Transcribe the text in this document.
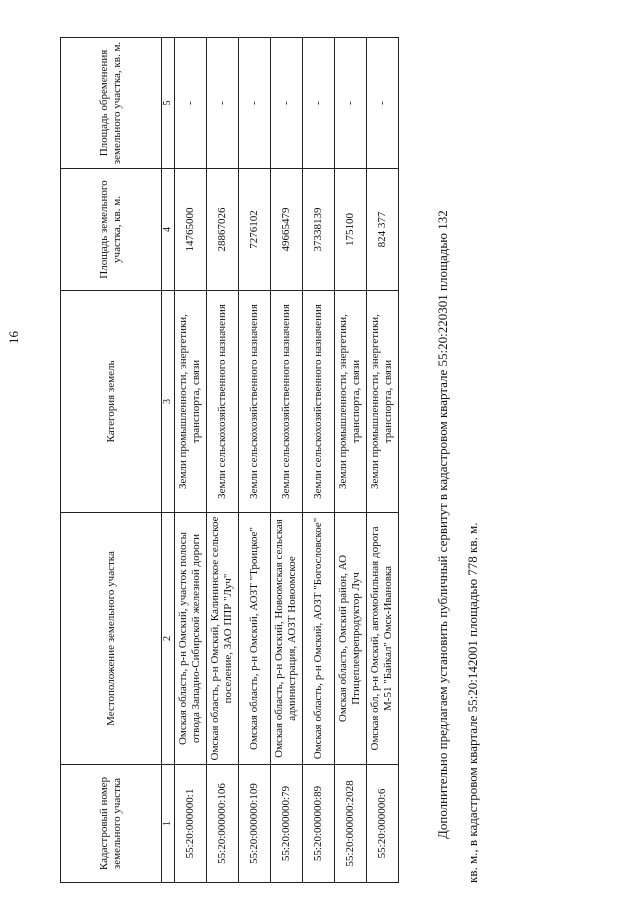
16
Кадастровый номер земельного участка	Местоположение земельного участка	Категория земель	Площадь земельного участка, кв. м.	Площадь обременения земельного участка, кв. м.
1	2	3	4	5
55:20:000000:1	Омская область, р-н Омский, участок полосы отвода Западно-Сибирской железной дороги	Земли промышленности, энергетики, транспорта, связи	14765000	-
55:20:000000:106	Омская область, р-н Омский, Калининское сельское поселение, ЗАО ППР "Луч"	Земли сельскохозяйственного назначения	28867026	-
55:20:000000:109	Омская область, р-н Омский, АОЗТ "Троицкое"	Земли сельскохозяйственного назначения	7276102	-
55:20:000000:79	Омская область, р-н Омский, Новоомская сельская администрация, АОЗТ Новоомское	Земли сельскохозяйственного назначения	49665479	-
55:20:000000:89	Омская область, р-н Омский, АОЗТ "Богословское"	Земли сельскохозяйственного назначения	37338139	-
55:20:000000:2028	Омская область, Омский район, АО Птицеплемрепродуктор Луч	Земли промышленности, энергетики, транспорта, связи	175100	-
55:20:000000:6	Омская обл, р-н Омский, автомобильная дорога М-51 "Байкал" Омск-Ивановка	Земли промышленности, энергетики, транспорта, связи	824 377	-
Дополнительно предлагаем установить публичный сервитут в кадастровом квартале 55:20:220301 площадью 132	кв. м., в кадастровом квартале 55:20:142001 площадью 778 кв. м.
